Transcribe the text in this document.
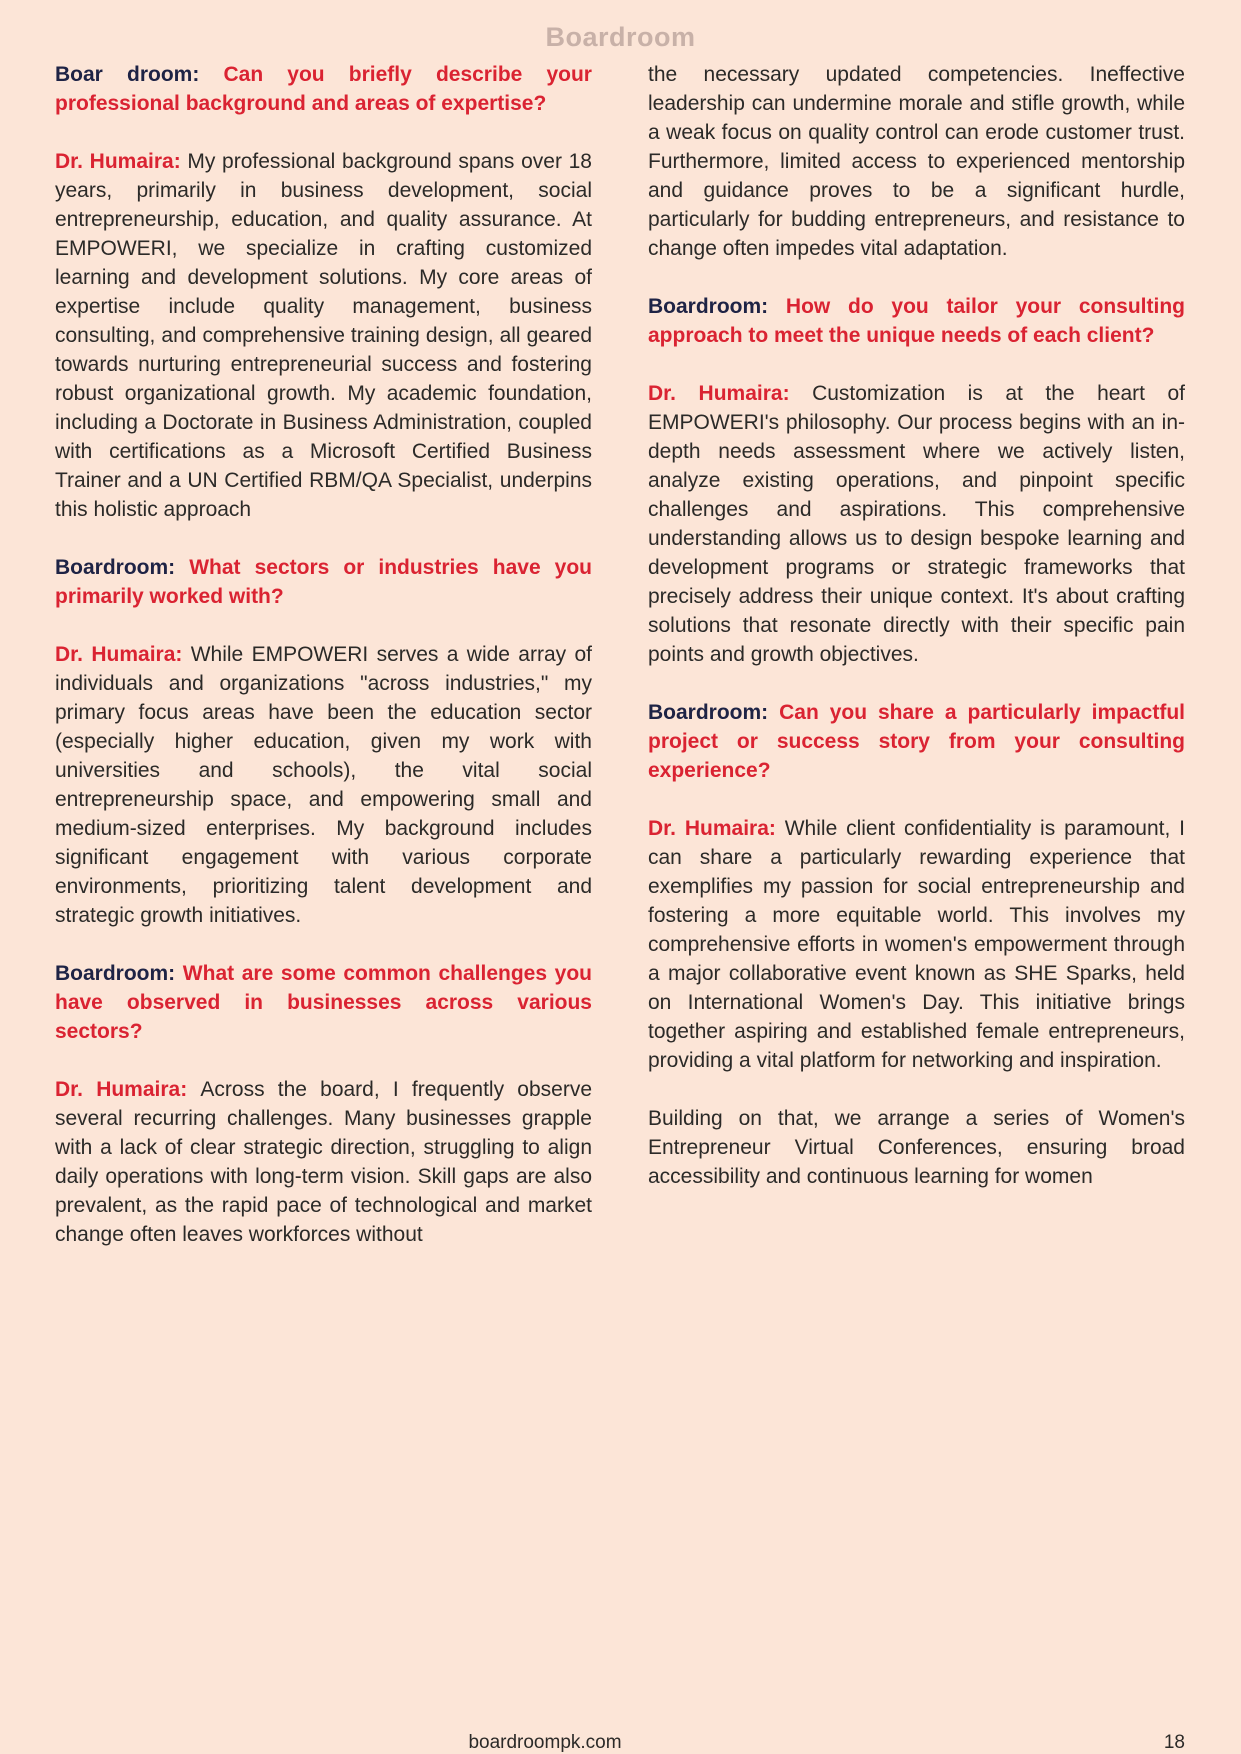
Boardroom

Boar droom: Can you briefly describe your professional background and areas of expertise?

Dr. Humaira: My professional background spans over 18 years, primarily in business development, social entrepreneurship, education, and quality assurance. At EMPOWERI, we specialize in crafting customized learning and development solutions. My core areas of expertise include quality management, business consulting, and comprehensive training design, all geared towards nurturing entrepreneurial success and fostering robust organizational growth. My academic foundation, including a Doctorate in Business Administration, coupled with certifications as a Microsoft Certified Business Trainer and a UN Certified RBM/QA Specialist, underpins this holistic approach

Boardroom: What sectors or industries have you primarily worked with?

Dr. Humaira: While EMPOWERI serves a wide array of individuals and organizations "across industries," my primary focus areas have been the education sector (especially higher education, given my work with universities and schools), the vital social entrepreneurship space, and empowering small and medium-sized enterprises. My background includes significant engagement with various corporate environments, prioritizing talent development and strategic growth initiatives.

Boardroom: What are some common challenges you have observed in businesses across various sectors?

Dr. Humaira: Across the board, I frequently observe several recurring challenges. Many businesses grapple with a lack of clear strategic direction, struggling to align daily operations with long-term vision. Skill gaps are also prevalent, as the rapid pace of technological and market change often leaves workforces without

the necessary updated competencies. Ineffective leadership can undermine morale and stifle growth, while a weak focus on quality control can erode customer trust. Furthermore, limited access to experienced mentorship and guidance proves to be a significant hurdle, particularly for budding entrepreneurs, and resistance to change often impedes vital adaptation.

Boardroom: How do you tailor your consulting approach to meet the unique needs of each client?

Dr. Humaira: Customization is at the heart of EMPOWERI's philosophy. Our process begins with an in-depth needs assessment where we actively listen, analyze existing operations, and pinpoint specific challenges and aspirations. This comprehensive understanding allows us to design bespoke learning and development programs or strategic frameworks that precisely address their unique context. It's about crafting solutions that resonate directly with their specific pain points and growth objectives.

Boardroom: Can you share a particularly impactful project or success story from your consulting experience?

Dr. Humaira: While client confidentiality is paramount, I can share a particularly rewarding experience that exemplifies my passion for social entrepreneurship and fostering a more equitable world. This involves my comprehensive efforts in women's empowerment through a major collaborative event known as SHE Sparks, held on International Women's Day. This initiative brings together aspiring and established female entrepreneurs, providing a vital platform for networking and inspiration.

Building on that, we arrange a series of Women's Entrepreneur Virtual Conferences, ensuring broad accessibility and continuous learning for women

boardroompk.com	18
